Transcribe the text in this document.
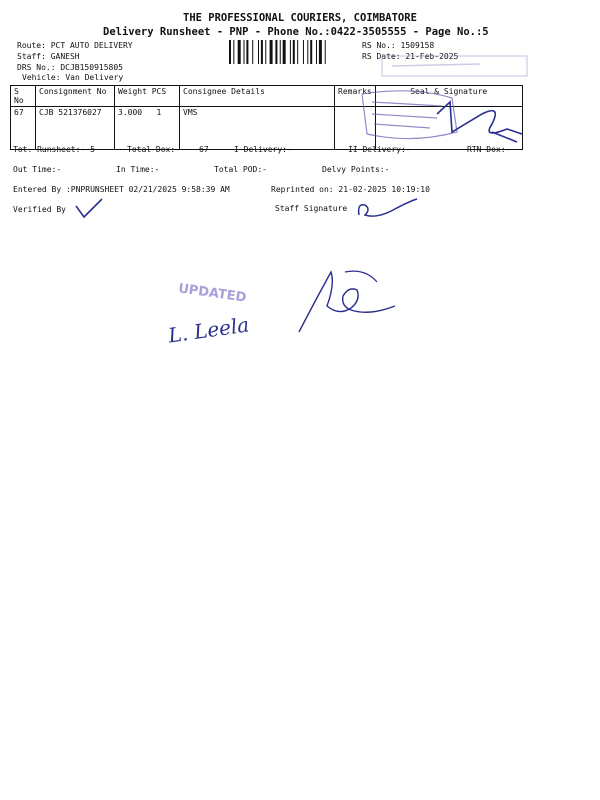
THE PROFESSIONAL COURIERS, COIMBATORE
Delivery Runsheet - PNP - Phone No.:0422-3505555 - Page No.:5
Route: PCT AUTO DELIVERY
Staff: GANESH
DRS No.: DCJB150915805
Vehicle: Van Delivery
RS No.: 1509158
RS Date: 21-Feb-2025
S No	Consignment No	Weight PCS	Consignee Details	Remarks	Seal & Signature
67	CJB 521376027	3.000 1	VMS		
Tot. Runsheet:- 5	Total Dox:- 67	I Delivery:-	II Delivery:-	RTN Dox:-
Out Time:-	In Time:-	Total POD:-	Delvy Points:-
Entered By :PNPRUNSHEET 02/21/2025 9:58:39 AM	Reprinted on: 21-02-2025 10:19:10
Verified By	Staff Signature
UPDATED
L. Leela
